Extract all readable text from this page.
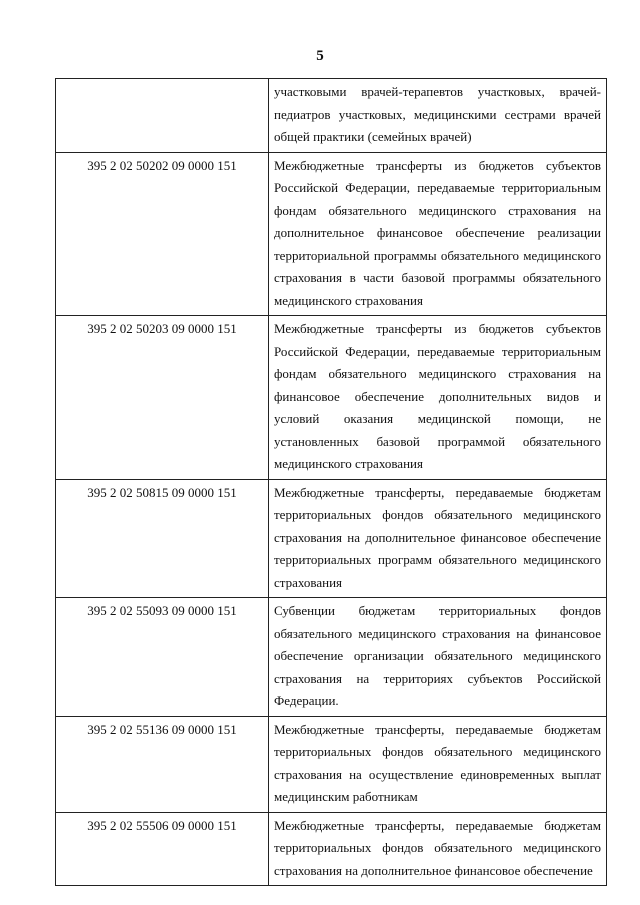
5
	участковыми врачей-терапевтов участковых, врачей-педиатров участковых, медицинскими сестрами врачей общей практики (семейных врачей)
395 2 02 50202 09 0000 151	Межбюджетные трансферты из бюджетов субъектов Российской Федерации, передаваемые территориальным фондам обязательного медицинского страхования на дополнительное финансовое обеспечение реализации территориальной программы обязательного медицинского страхования в части базовой программы обязательного медицинского страхования
395 2 02 50203 09 0000 151	Межбюджетные трансферты из бюджетов субъектов Российской Федерации, передаваемые территориальным фондам обязательного медицинского страхования на финансовое обеспечение дополнительных видов и условий оказания медицинской помощи, не установленных базовой программой обязательного медицинского страхования
395 2 02 50815 09 0000 151	Межбюджетные трансферты, передаваемые бюджетам территориальных фондов обязательного медицинского страхования на дополнительное финансовое обеспечение территориальных программ обязательного медицинского страхования
395 2 02 55093 09 0000 151	Субвенции бюджетам территориальных фондов обязательного медицинского страхования на финансовое обеспечение организации обязательного медицинского страхования на территориях субъектов Российской Федерации.
395 2 02 55136 09 0000 151	Межбюджетные трансферты, передаваемые бюджетам территориальных фондов обязательного медицинского страхования на осуществление единовременных выплат медицинским работникам
395 2 02 55506 09 0000 151	Межбюджетные трансферты, передаваемые бюджетам территориальных фондов обязательного медицинского страхования на дополнительное финансовое обеспечение
